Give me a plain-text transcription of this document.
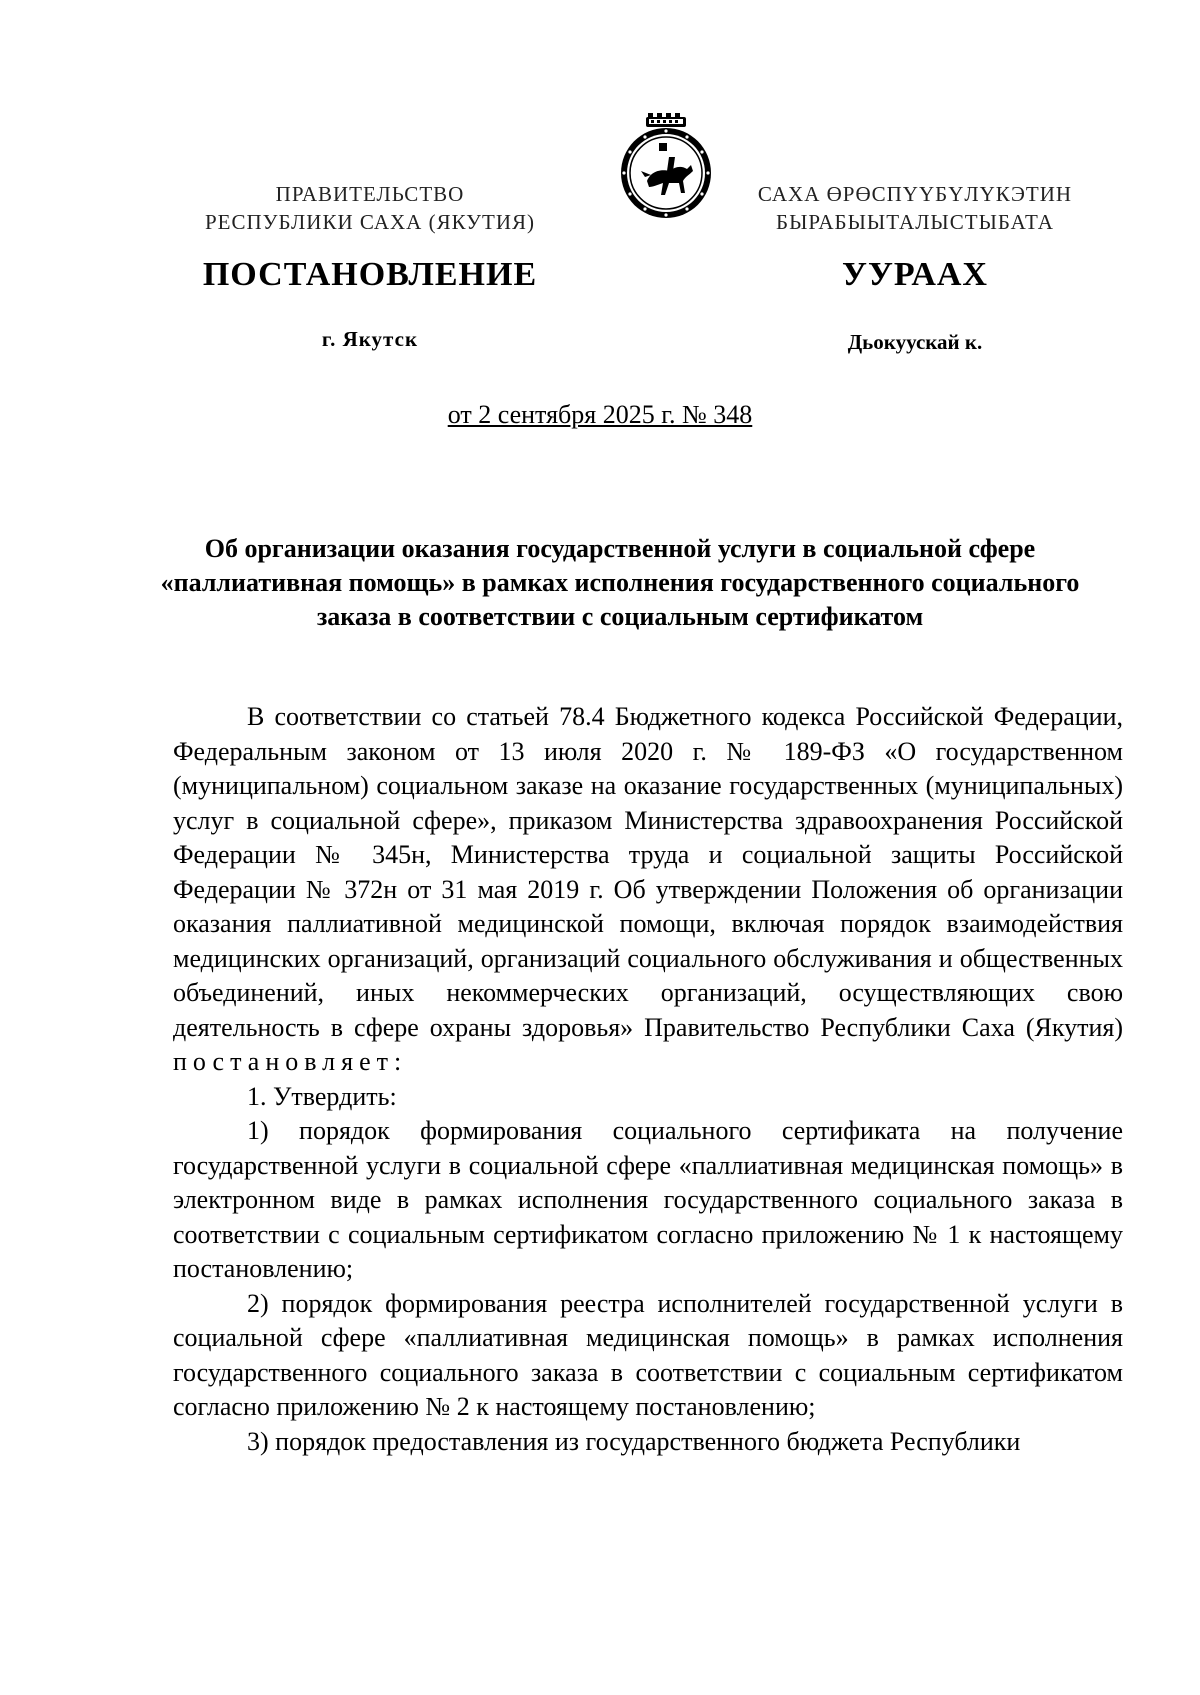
ПРАВИТЕЛЬСТВО
РЕСПУБЛИКИ САХА (ЯКУТИЯ)
САХА ӨРӨСПҮҮБҮЛҮКЭТИН
БЫРАБЫЫТАЛЫСТЫБАТА
ПОСТАНОВЛЕНИЕ	УУРААХ
г. Якутск	Дьокуускай к.
от 2 сентября 2025 г. № 348
Об организации оказания государственной услуги в социальной сфере «паллиативная помощь» в рамках исполнения государственного социального заказа в соответствии с социальным сертификатом

В соответствии со статьей 78.4 Бюджетного кодекса Российской Федерации, Федеральным законом от 13 июля 2020 г. № 189-ФЗ «О государственном (муниципальном) социальном заказе на оказание государственных (муниципальных) услуг в социальной сфере», приказом Министерства здравоохранения Российской Федерации № 345н, Министерства труда и социальной защиты Российской Федерации № 372н от 31 мая 2019 г. Об утверждении Положения об организации оказания паллиативной медицинской помощи, включая порядок взаимодействия медицинских организаций, организаций социального обслуживания и общественных объединений, иных некоммерческих организаций, осуществляющих свою деятельность в сфере охраны здоровья» Правительство Республики Саха (Якутия) постановляет:

1. Утвердить:

1) порядок формирования социального сертификата на получение государственной услуги в социальной сфере «паллиативная медицинская помощь» в электронном виде в рамках исполнения государственного социального заказа в соответствии с социальным сертификатом согласно приложению № 1 к настоящему постановлению;

2) порядок формирования реестра исполнителей государственной услуги в социальной сфере «паллиативная медицинская помощь» в рамках исполнения государственного социального заказа в соответствии с социальным сертификатом согласно приложению № 2 к настоящему постановлению;

3) порядок предоставления из государственного бюджета Республики
